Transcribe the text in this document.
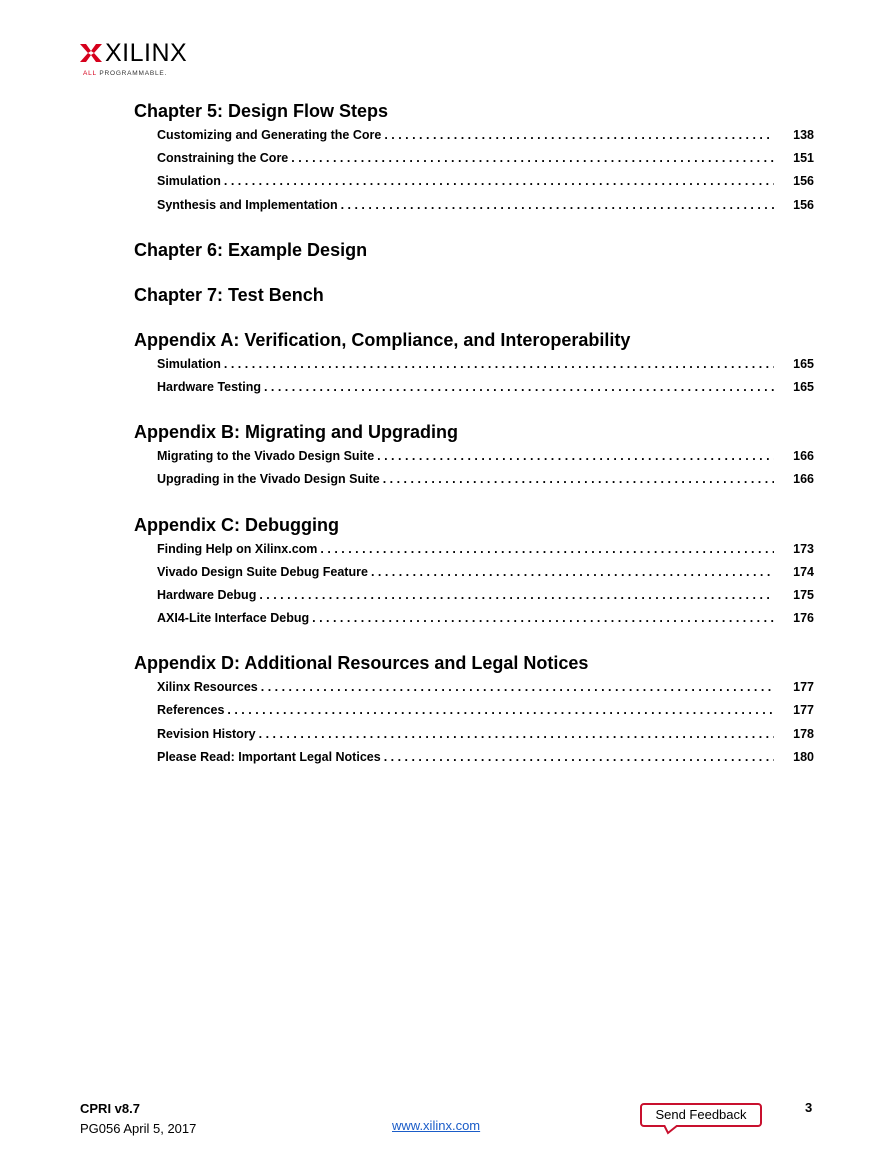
XILINX
ALL PROGRAMMABLE.
Chapter 5: Design Flow Steps
Customizing and Generating the Core . . .	138
Constraining the Core . . .	151
Simulation . . .	156
Synthesis and Implementation . . .	156
Chapter 6: Example Design
Chapter 7: Test Bench
Appendix A: Verification, Compliance, and Interoperability
Simulation . . .	165
Hardware Testing . . .	165
Appendix B: Migrating and Upgrading
Migrating to the Vivado Design Suite . . .	166
Upgrading in the Vivado Design Suite . . .	166
Appendix C: Debugging
Finding Help on Xilinx.com . . .	173
Vivado Design Suite Debug Feature . . .	174
Hardware Debug . . .	175
AXI4-Lite Interface Debug . . .	176
Appendix D: Additional Resources and Legal Notices
Xilinx Resources . . .	177
References . . .	177
Revision History . . .	178
Please Read: Important Legal Notices . . .	180
CPRI v8.7
PG056 April 5, 2017	www.xilinx.com
Send Feedback	3
